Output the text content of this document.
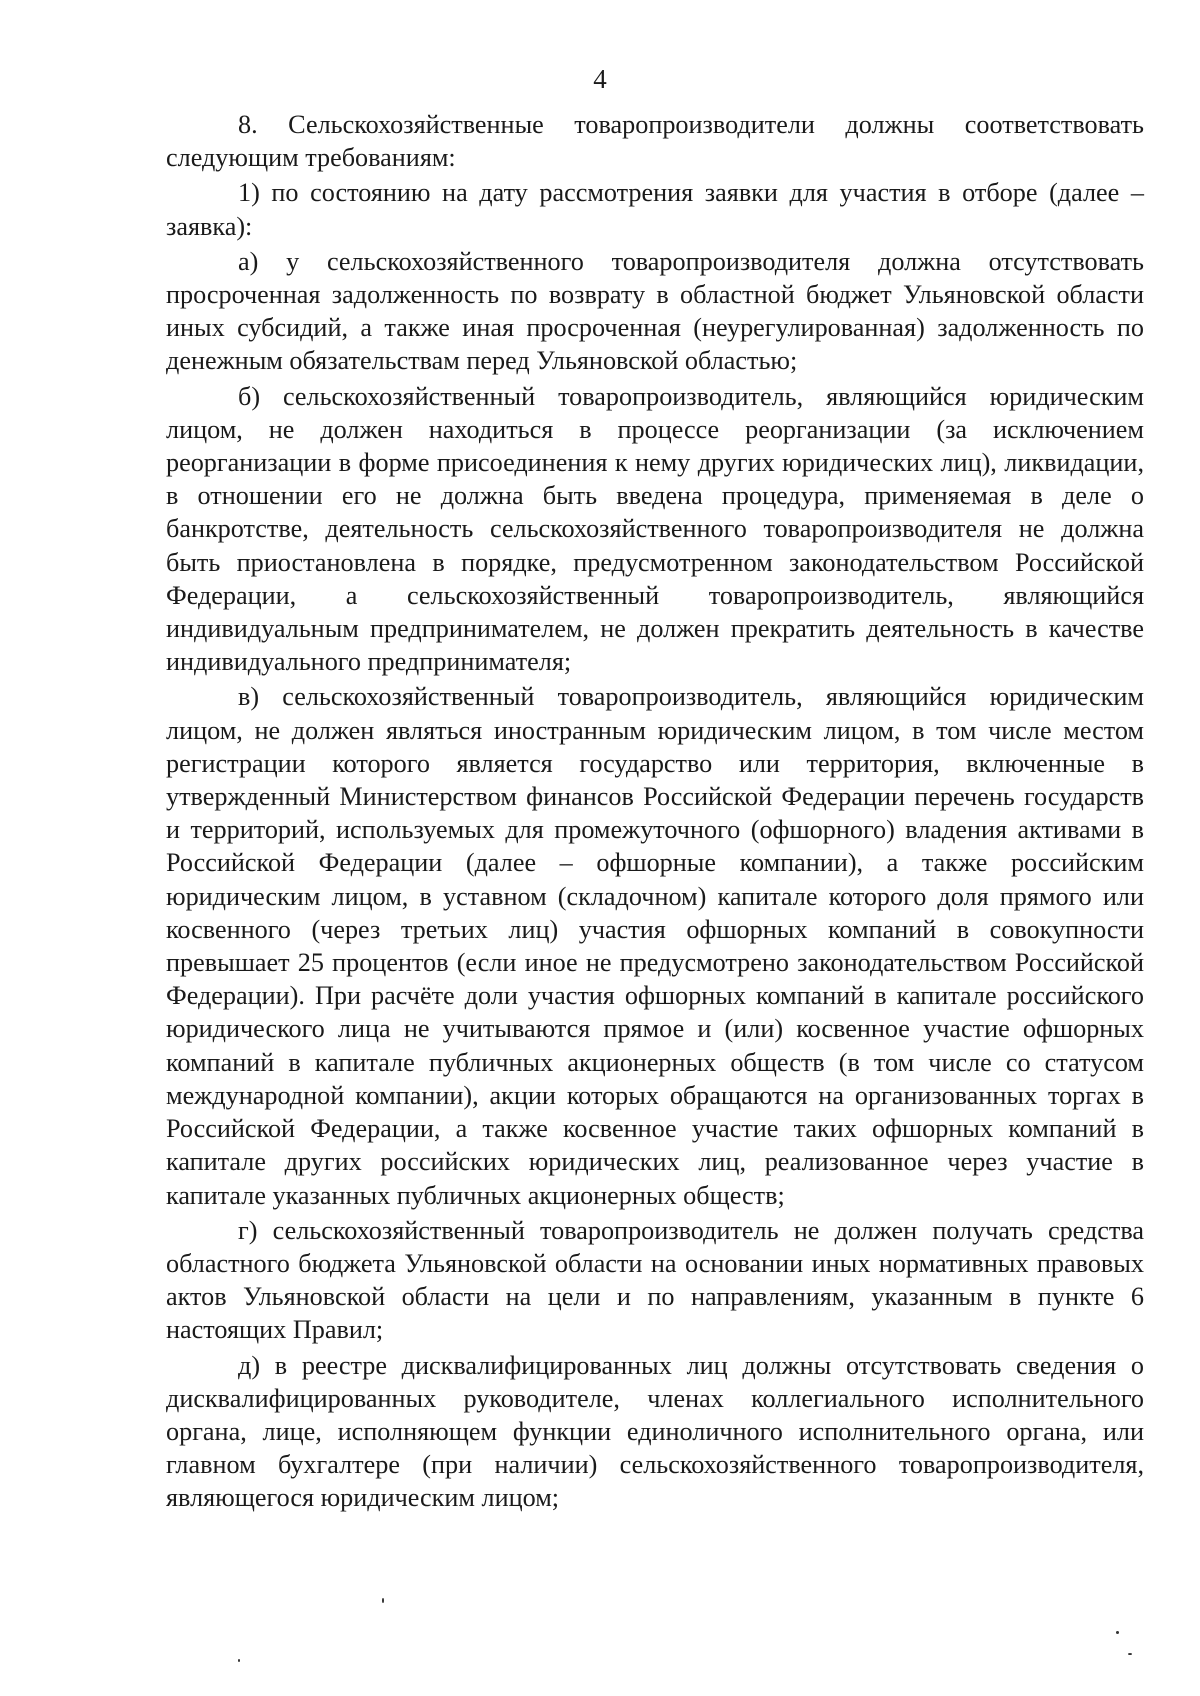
4

8. Сельскохозяйственные товаропроизводители должны соответствовать следующим требованиям:

1) по состоянию на дату рассмотрения заявки для участия в отборе (далее – заявка):

а) у сельскохозяйственного товаропроизводителя должна отсутствовать просроченная задолженность по возврату в областной бюджет Ульяновской области иных субсидий, а также иная просроченная (неурегулированная) задолженность по денежным обязательствам перед Ульяновской областью;

б) сельскохозяйственный товаропроизводитель, являющийся юридическим лицом, не должен находиться в процессе реорганизации (за исключением реорганизации в форме присоединения к нему других юридических лиц), ликвидации, в отношении его не должна быть введена процедура, применяемая в деле о банкротстве, деятельность сельскохозяйственного товаропроизводителя не должна быть приостановлена в порядке, предусмотренном законодательством Российской Федерации, а сельскохозяйственный товаропроизводитель, являющийся индивидуальным предпринимателем, не должен прекратить деятельность в качестве индивидуального предпринимателя;

в) сельскохозяйственный товаропроизводитель, являющийся юридическим лицом, не должен являться иностранным юридическим лицом, в том числе местом регистрации которого является государство или территория, включенные в утвержденный Министерством финансов Российской Федерации перечень государств и территорий, используемых для промежуточного (офшорного) владения активами в Российской Федерации (далее – офшорные компании), а также российским юридическим лицом, в уставном (складочном) капитале которого доля прямого или косвенного (через третьих лиц) участия офшорных компаний в совокупности превышает 25 процентов (если иное не предусмотрено законодательством Российской Федерации). При расчёте доли участия офшорных компаний в капитале российского юридического лица не учитываются прямое и (или) косвенное участие офшорных компаний в капитале публичных акционерных обществ (в том числе со статусом международной компании), акции которых обращаются на организованных торгах в Российской Федерации, а также косвенное участие таких офшорных компаний в капитале других российских юридических лиц, реализованное через участие в капитале указанных публичных акционерных обществ;

г) сельскохозяйственный товаропроизводитель не должен получать средства областного бюджета Ульяновской области на основании иных нормативных правовых актов Ульяновской области на цели и по направлениям, указанным в пункте 6 настоящих Правил;

д) в реестре дисквалифицированных лиц должны отсутствовать сведения о дисквалифицированных руководителе, членах коллегиального исполнительного органа, лице, исполняющем функции единоличного исполнительного органа, или главном бухгалтере (при наличии) сельскохозяйственного товаропроизводителя, являющегося юридическим лицом;
